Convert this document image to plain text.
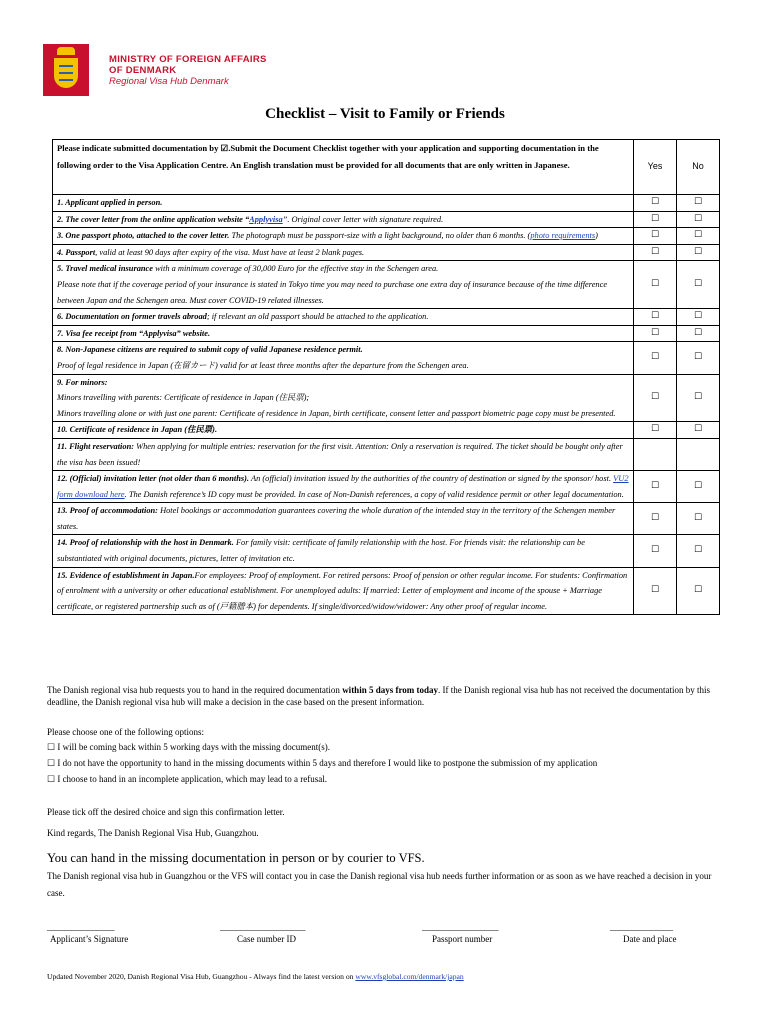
MINISTRY OF FOREIGN AFFAIRS
OF DENMARK
Regional Visa Hub Denmark
Checklist – Visit to Family or Friends
Please indicate submitted documentation by ☑.Submit the Document Checklist together with your application and supporting documentation in the following order to the Visa Application Centre. An English translation must be provided for all documents that are only written in Japanese.	Yes	No
1. Applicant applied in person.	☐	☐
2. The cover letter from the online application website “Applyvisa”. Original cover letter with signature required.	☐	☐
3. One passport photo, attached to the cover letter. The photograph must be passport-size with a light background, no older than 6 months. (photo requirements)	☐	☐
4. Passport, valid at least 90 days after expiry of the visa. Must have at least 2 blank pages.	☐	☐
5. Travel medical insurance with a minimum coverage of 30,000 Euro for the effective stay in the Schengen area.
Please note that if the coverage period of your insurance is stated in Tokyo time you may need to purchase one extra day of insurance because of the time difference between Japan and the Schengen area. Must cover COVID-19 related illnesses.	☐	☐
6. Documentation on former travels abroad; if relevant an old passport should be attached to the application.	☐	☐
7. Visa fee receipt from “Applyvisa” website.	☐	☐
8. Non-Japanese citizens are required to submit copy of valid Japanese residence permit.
Proof of legal residence in Japan (在留カード) valid for at least three months after the departure from the Schengen area.	☐	☐
9. For minors:
Minors travelling with parents: Certificate of residence in Japan (住民票);
Minors travelling alone or with just one parent: Certificate of residence in Japan, birth certificate, consent letter and passport biometric page copy must be presented.	☐	☐
10. Certificate of residence in Japan (住民票).	☐	☐
11. Flight reservation: When applying for multiple entries: reservation for the first visit. Attention: Only a reservation is required. The ticket should be bought only after the visa has been issued!		
12. (Official) invitation letter (not older than 6 months). An (official) invitation issued by the authorities of the country of destination or signed by the sponsor/ host. VU2 form download here. The Danish reference’s ID copy must be provided. In case of Non-Danish references, a copy of valid residence permit or other legal documentation.	☐	☐
13. Proof of accommodation: Hotel bookings or accommodation guarantees covering the whole duration of the intended stay in the territory of the Schengen member states.	☐	☐
14. Proof of relationship with the host in Denmark. For family visit: certificate of family relationship with the host. For friends visit: the relationship can be substantiated with original documents, pictures, letter of invitation etc.	☐	☐
15. Evidence of establishment in Japan.For employees: Proof of employment. For retired persons: Proof of pension or other regular income. For students: Confirmation of enrolment with a university or other educational establishment. For unemployed adults: If married: Letter of employment and income of the spouse + Marriage certificate, or registered partnership such as of (戸籍謄本) for dependents. If single/divorced/widow/widower: Any other proof of regular income.	☐	☐
The Danish regional visa hub requests you to hand in the required documentation within 5 days from today. If the Danish regional visa hub has not received the documentation by this deadline, the Danish regional visa hub will make a decision in the case based on the present information.
Please choose one of the following options:
☐ I will be coming back within 5 working days with the missing document(s).
☐ I do not have the opportunity to hand in the missing documents within 5 days and therefore I would like to postpone the submission of my application
☐ I choose to hand in an incomplete application, which may lead to a refusal.
Please tick off the desired choice and sign this confirmation letter.
Kind regards, The Danish Regional Visa Hub, Guangzhou.
You can hand in the missing documentation in person or by courier to VFS.
The Danish regional visa hub in Guangzhou or the VFS will contact you in case the Danish regional visa hub needs further information or as soon as we have reached a decision in your case.
_______________	___________________	_________________	______________
Applicant’s Signature	Case number ID	Passport number	Date and place
Updated November 2020, Danish Regional Visa Hub, Guangzhou - Always find the latest version on www.vfsglobal.com/denmark/japan
